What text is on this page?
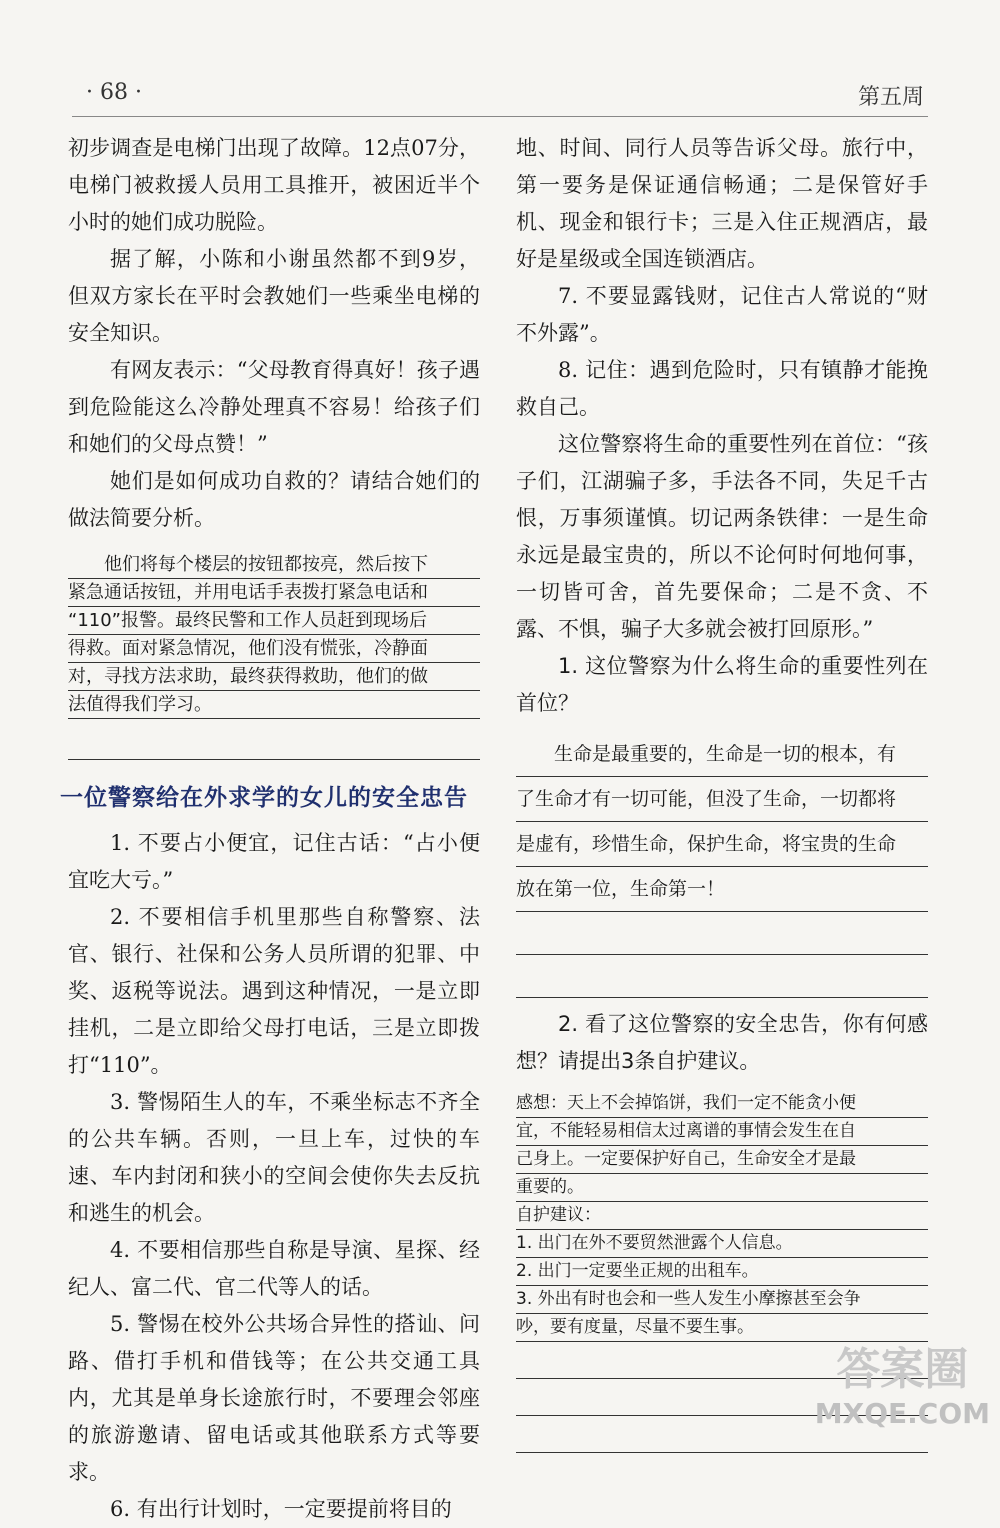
· 68 ·	第五周

初步调查是电梯门出现了故障。12点07分，电梯门被救援人员用工具推开，被困近半个小时的她们成功脱险。

据了解，小陈和小谢虽然都不到9岁，但双方家长在平时会教她们一些乘坐电梯的安全知识。

有网友表示：“父母教育得真好！孩子遇到危险能这么冷静处理真不容易！给孩子们和她们的父母点赞！”

她们是如何成功自救的？请结合她们的做法简要分析。

他们将每个楼层的按钮都按亮，然后按下
紧急通话按钮，并用电话手表拨打紧急电话和
“110”报警。最终民警和工作人员赶到现场后
得救。面对紧急情况，他们没有慌张，冷静面
对，寻找方法求助，最终获得救助，他们的做
法值得我们学习。
一位警察给在外求学的女儿的安全忠告

1. 不要占小便宜，记住古话：“占小便宜吃大亏。”

2. 不要相信手机里那些自称警察、法官、银行、社保和公务人员所谓的犯罪、中奖、返税等说法。遇到这种情况，一是立即挂机，二是立即给父母打电话，三是立即拨打“110”。

3. 警惕陌生人的车，不乘坐标志不齐全的公共车辆。否则，一旦上车，过快的车速、车内封闭和狭小的空间会使你失去反抗和逃生的机会。

4. 不要相信那些自称是导演、星探、经纪人、富二代、官二代等人的话。

5. 警惕在校外公共场合异性的搭讪、问路、借打手机和借钱等；在公共交通工具内，尤其是单身长途旅行时，不要理会邻座的旅游邀请、留电话或其他联系方式等要求。

6. 有出行计划时，一定要提前将目的

地、时间、同行人员等告诉父母。旅行中，第一要务是保证通信畅通；二是保管好手机、现金和银行卡；三是入住正规酒店，最好是星级或全国连锁酒店。

7. 不要显露钱财，记住古人常说的“财不外露”。

8. 记住：遇到危险时，只有镇静才能挽救自己。

这位警察将生命的重要性列在首位：“孩子们，江湖骗子多，手法各不同，失足千古恨，万事须谨慎。切记两条铁律：一是生命永远是最宝贵的，所以不论何时何地何事，一切皆可舍，首先要保命；二是不贪、不露、不惧，骗子大多就会被打回原形。”

1. 这位警察为什么将生命的重要性列在首位？

生命是最重要的，生命是一切的根本，有
了生命才有一切可能，但没了生命，一切都将
是虚有，珍惜生命，保护生命，将宝贵的生命
放在第一位，生命第一！

2. 看了这位警察的安全忠告，你有何感想？请提出3条自护建议。

感想：天上不会掉馅饼，我们一定不能贪小便
宜，不能轻易相信太过离谱的事情会发生在自
己身上。一定要保护好自己，生命安全才是最
重要的。
自护建议：
1. 出门在外不要贸然泄露个人信息。
2. 出门一定要坐正规的出租车。
3. 外出有时也会和一些人发生小摩擦甚至会争
吵，要有度量，尽量不要生事。
答案圈
MXQE.COM
